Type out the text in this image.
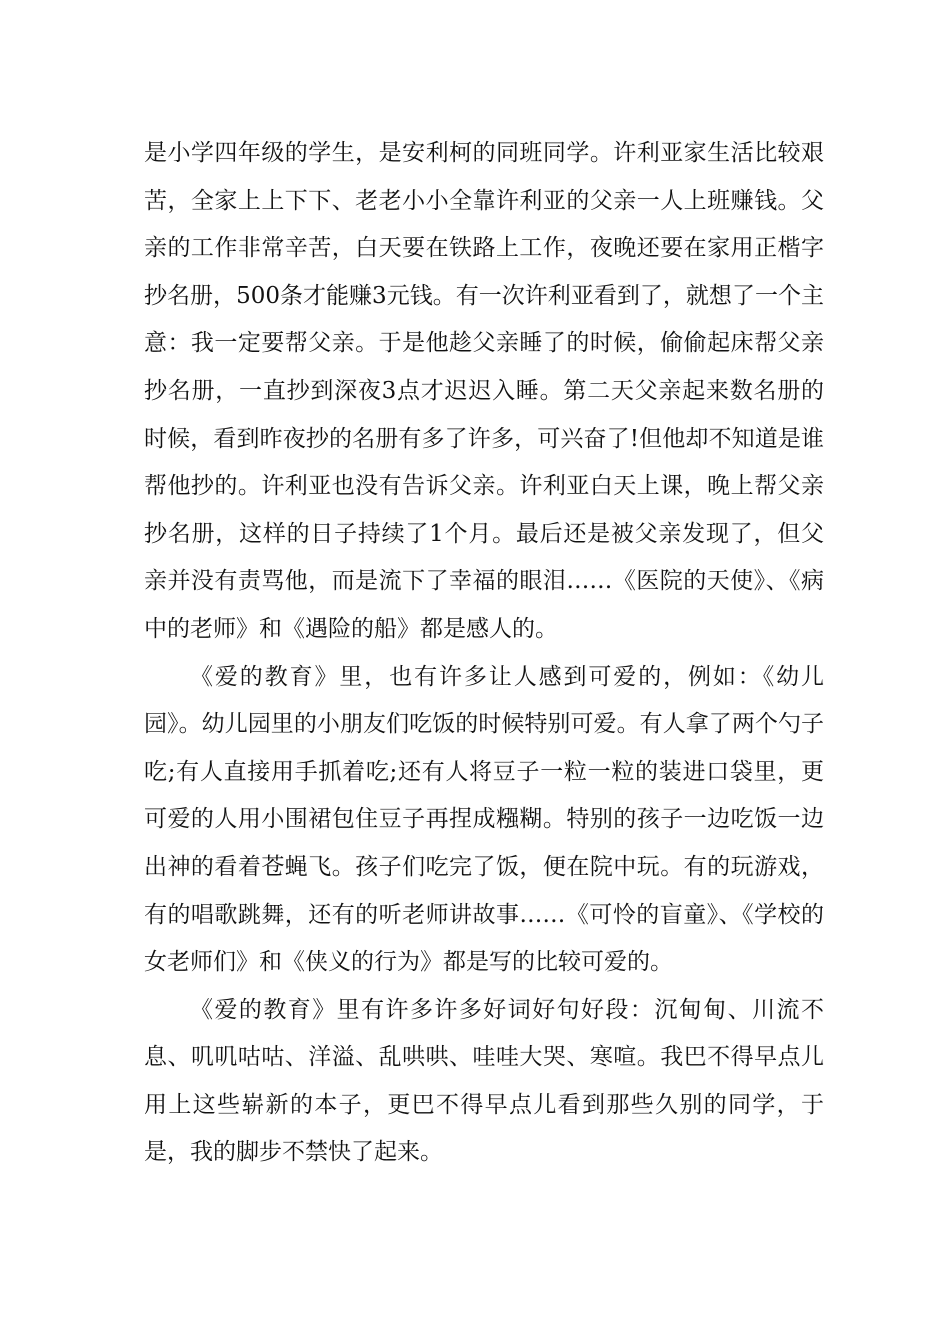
是小学四年级的学生，是安利柯的同班同学。许利亚家生活比较艰苦，全家上上下下、老老小小全靠许利亚的父亲一人上班赚钱。父亲的工作非常辛苦，白天要在铁路上工作，夜晚还要在家用正楷字抄名册，500条才能赚3元钱。有一次许利亚看到了，就想了一个主意：我一定要帮父亲。于是他趁父亲睡了的时候，偷偷起床帮父亲抄名册，一直抄到深夜3点才迟迟入睡。第二天父亲起来数名册的时候，看到昨夜抄的名册有多了许多，可兴奋了!但他却不知道是谁帮他抄的。许利亚也没有告诉父亲。许利亚白天上课，晚上帮父亲抄名册，这样的日子持续了1个月。最后还是被父亲发现了，但父亲并没有责骂他，而是流下了幸福的眼泪……《医院的天使》、《病中的老师》和《遇险的船》都是感人的。

《爱的教育》里，也有许多让人感到可爱的，例如：《幼儿园》。幼儿园里的小朋友们吃饭的时候特别可爱。有人拿了两个勺子吃;有人直接用手抓着吃;还有人将豆子一粒一粒的装进口袋里，更可爱的人用小围裙包住豆子再捏成糨糊。特别的孩子一边吃饭一边出神的看着苍蝇飞。孩子们吃完了饭，便在院中玩。有的玩游戏，有的唱歌跳舞，还有的听老师讲故事……《可怜的盲童》、《学校的女老师们》和《侠义的行为》都是写的比较可爱的。

《爱的教育》里有许多许多好词好句好段：沉甸甸、川流不息、叽叽咕咕、洋溢、乱哄哄、哇哇大哭、寒喧。我巴不得早点儿用上这些崭新的本子，更巴不得早点儿看到那些久别的同学，于是，我的脚步不禁快了起来。
